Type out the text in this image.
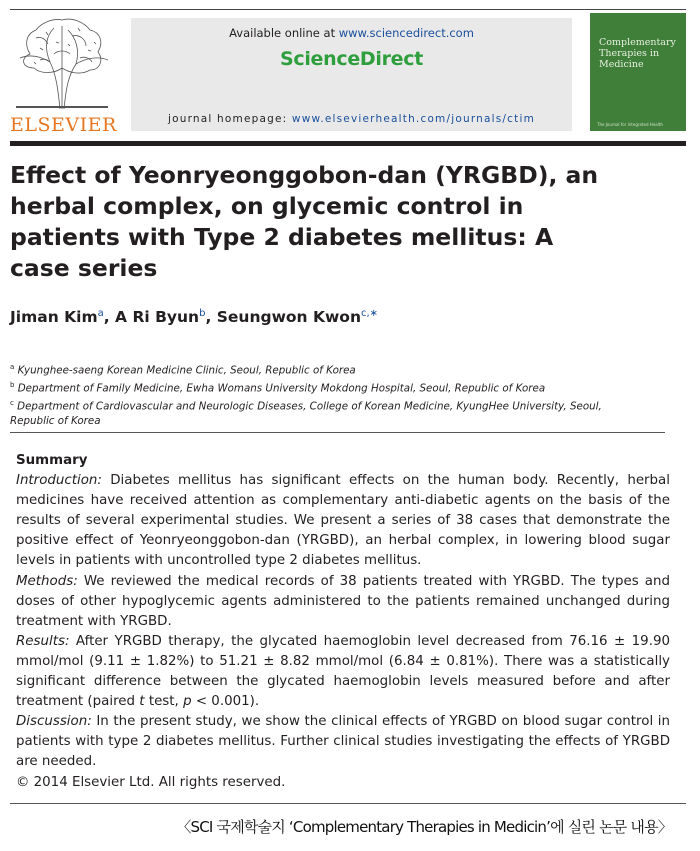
ELSEVIER
Available online at www.sciencedirect.com
ScienceDirect
journal homepage: www.elsevierhealth.com/journals/ctim
Complementary Therapies in Medicine
The Journal for Integrated Health
Effect of Yeonryeonggobon-dan (YRGBD), an herbal complex, on glycemic control in patients with Type 2 diabetes mellitus: A case series
Jiman Kim$^a$, A Ri Byun$^b$, Seungwon Kwon$^{c,∗}$
$^a$ Kyunghee-saeng Korean Medicine Clinic, Seoul, Republic of Korea
$^b$ Department of Family Medicine, Ewha Womans University Mokdong Hospital, Seoul, Republic of Korea
$^c$ Department of Cardiovascular and Neurologic Diseases, College of Korean Medicine, KyungHee University, Seoul, Republic of Korea

Summary

Introduction: Diabetes mellitus has significant effects on the human body. Recently, herbal medicines have received attention as complementary anti-diabetic agents on the basis of the results of several experimental studies. We present a series of 38 cases that demonstrate the positive effect of Yeonryeonggobon-dan (YRGBD), an herbal complex, in lowering blood sugar levels in patients with uncontrolled type 2 diabetes mellitus.

Methods: We reviewed the medical records of 38 patients treated with YRGBD. The types and doses of other hypoglycemic agents administered to the patients remained unchanged during treatment with YRGBD.

Results: After YRGBD therapy, the glycated haemoglobin level decreased from 76.16 ± 19.90 mmol/mol (9.11 ± 1.82%) to 51.21 ± 8.82 mmol/mol (6.84 ± 0.81%). There was a statistically significant difference between the glycated haemoglobin levels measured before and after treatment (paired t test, p < 0.001).

Discussion: In the present study, we show the clinical effects of YRGBD on blood sugar control in patients with type 2 diabetes mellitus. Further clinical studies investigating the effects of YRGBD are needed.

© 2014 Elsevier Ltd. All rights reserved.

〈SCI 국제학술지 ‘Complementary Therapies in Medicin’에 실린 논문 내용〉
